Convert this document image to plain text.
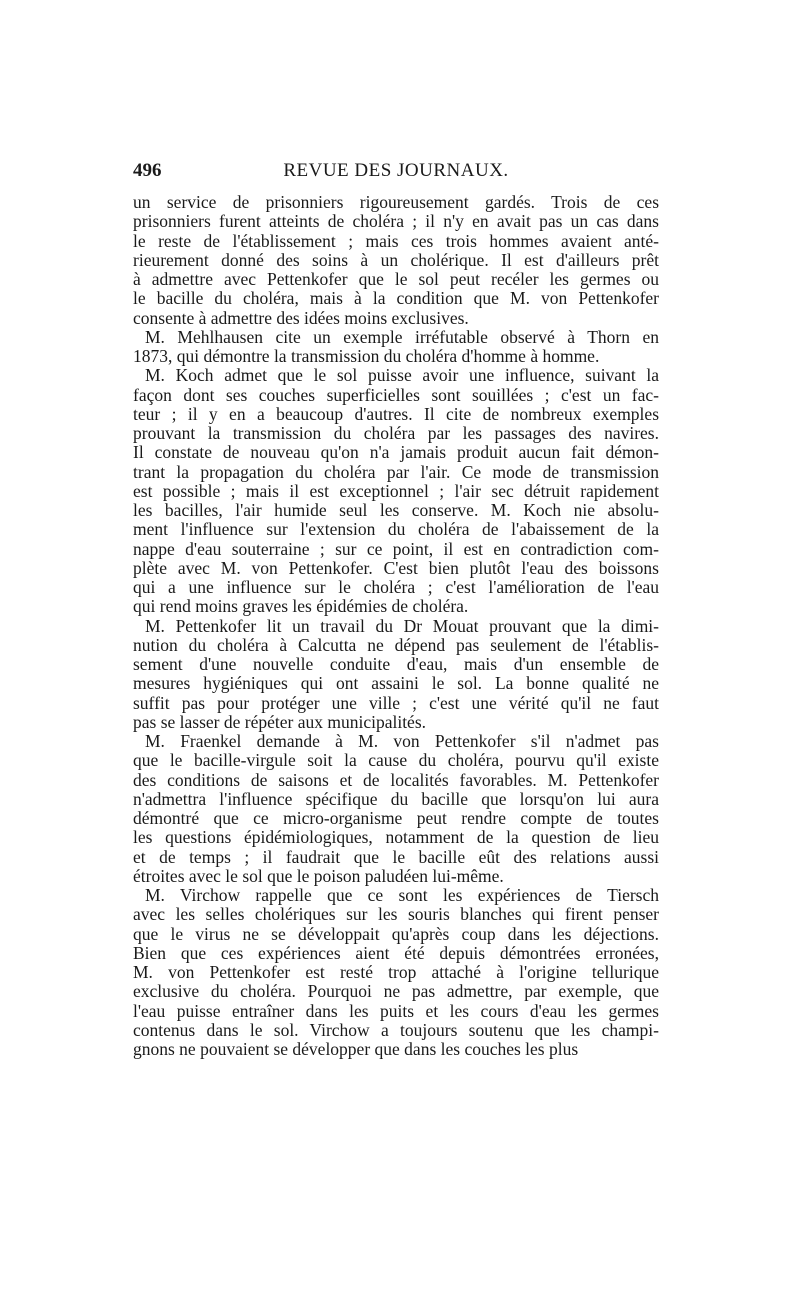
496	REVUE DES JOURNAUX.
un service de prisonniers rigoureusement gardés. Trois de ces
prisonniers furent atteints de choléra ; il n'y en avait pas un cas dans
le reste de l'établissement ; mais ces trois hommes avaient anté-
rieurement donné des soins à un cholérique. Il est d'ailleurs prêt
à admettre avec Pettenkofer que le sol peut recéler les germes ou
le bacille du choléra, mais à la condition que M. von Pettenkofer
consente à admettre des idées moins exclusives.
M. Mehlhausen cite un exemple irréfutable observé à Thorn en
1873, qui démontre la transmission du choléra d'homme à homme.
M. Koch admet que le sol puisse avoir une influence, suivant la
façon dont ses couches superficielles sont souillées ; c'est un fac-
teur ; il y en a beaucoup d'autres. Il cite de nombreux exemples
prouvant la transmission du choléra par les passages des navires.
Il constate de nouveau qu'on n'a jamais produit aucun fait démon-
trant la propagation du choléra par l'air. Ce mode de transmission
est possible ; mais il est exceptionnel ; l'air sec détruit rapidement
les bacilles, l'air humide seul les conserve. M. Koch nie absolu-
ment l'influence sur l'extension du choléra de l'abaissement de la
nappe d'eau souterraine ; sur ce point, il est en contradiction com-
plète avec M. von Pettenkofer. C'est bien plutôt l'eau des boissons
qui a une influence sur le choléra ; c'est l'amélioration de l'eau
qui rend moins graves les épidémies de choléra.
M. Pettenkofer lit un travail du Dr Mouat prouvant que la dimi-
nution du choléra à Calcutta ne dépend pas seulement de l'établis-
sement d'une nouvelle conduite d'eau, mais d'un ensemble de
mesures hygiéniques qui ont assaini le sol. La bonne qualité ne
suffit pas pour protéger une ville ; c'est une vérité qu'il ne faut
pas se lasser de répéter aux municipalités.
M. Fraenkel demande à M. von Pettenkofer s'il n'admet pas
que le bacille-virgule soit la cause du choléra, pourvu qu'il existe
des conditions de saisons et de localités favorables. M. Pettenkofer
n'admettra l'influence spécifique du bacille que lorsqu'on lui aura
démontré que ce micro-organisme peut rendre compte de toutes
les questions épidémiologiques, notamment de la question de lieu
et de temps ; il faudrait que le bacille eût des relations aussi
étroites avec le sol que le poison paludéen lui-même.
M. Virchow rappelle que ce sont les expériences de Tiersch
avec les selles cholériques sur les souris blanches qui firent penser
que le virus ne se développait qu'après coup dans les déjections.
Bien que ces expériences aient été depuis démontrées erronées,
M. von Pettenkofer est resté trop attaché à l'origine tellurique
exclusive du choléra. Pourquoi ne pas admettre, par exemple, que
l'eau puisse entraîner dans les puits et les cours d'eau les germes
contenus dans le sol. Virchow a toujours soutenu que les champi-
gnons ne pouvaient se développer que dans les couches les plus
